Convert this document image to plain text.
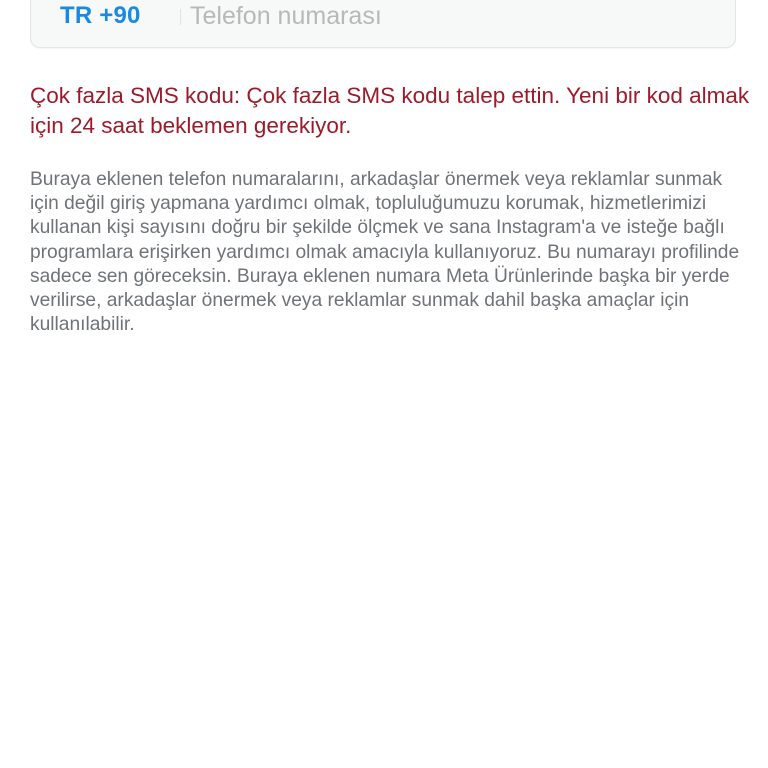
TR +90
Telefon numarası

Çok fazla SMS kodu: Çok fazla SMS kodu talep ettin. Yeni bir kod almak için 24 saat beklemen gerekiyor.

Buraya eklenen telefon numaralarını, arkadaşlar önermek veya reklamlar sunmak için değil giriş yapmana yardımcı olmak, topluluğumuzu korumak, hizmetlerimizi kullanan kişi sayısını doğru bir şekilde ölçmek ve sana Instagram'a ve isteğe bağlı programlara erişirken yardımcı olmak amacıyla kullanıyoruz. Bu numarayı profilinde sadece sen göreceksin. Buraya eklenen numara Meta Ürünlerinde başka bir yerde verilirse, arkadaşlar önermek veya reklamlar sunmak dahil başka amaçlar için kullanılabilir.
